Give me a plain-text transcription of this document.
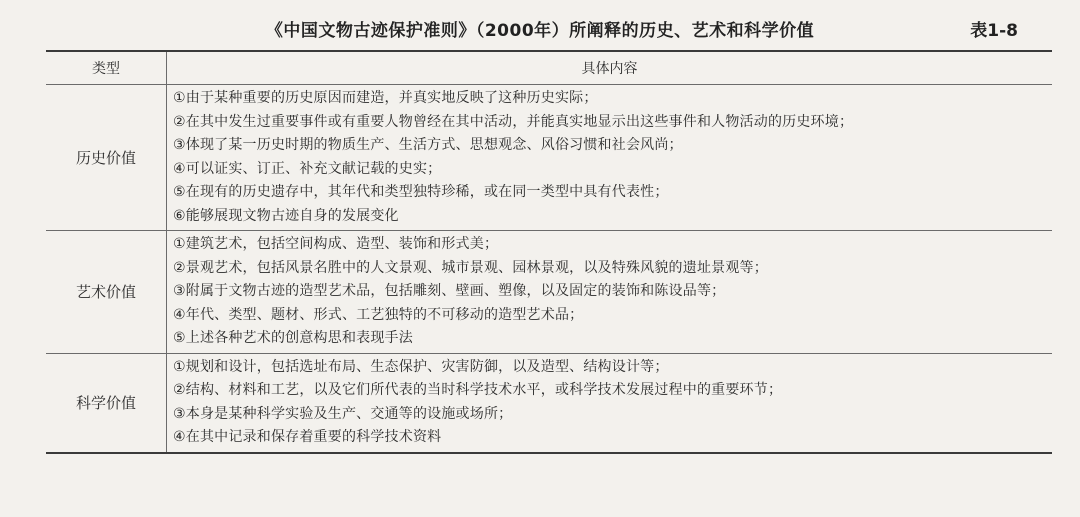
《中国文物古迹保护准则》（2000年）所阐释的历史、艺术和科学价值	表1-8
类型	具体内容
历史价值
①由于某种重要的历史原因而建造，并真实地反映了这种历史实际；
②在其中发生过重要事件或有重要人物曾经在其中活动，并能真实地显示出这些事件和人物活动的历史环境；
③体现了某一历史时期的物质生产、生活方式、思想观念、风俗习惯和社会风尚；
④可以证实、订正、补充文献记载的史实；
⑤在现有的历史遗存中，其年代和类型独特珍稀，或在同一类型中具有代表性；
⑥能够展现文物古迹自身的发展变化
艺术价值
①建筑艺术，包括空间构成、造型、装饰和形式美；
②景观艺术，包括风景名胜中的人文景观、城市景观、园林景观，以及特殊风貌的遗址景观等；
③附属于文物古迹的造型艺术品，包括雕刻、壁画、塑像，以及固定的装饰和陈设品等；
④年代、类型、题材、形式、工艺独特的不可移动的造型艺术品；
⑤上述各种艺术的创意构思和表现手法
科学价值
①规划和设计，包括选址布局、生态保护、灾害防御，以及造型、结构设计等；
②结构、材料和工艺，以及它们所代表的当时科学技术水平，或科学技术发展过程中的重要环节；
③本身是某种科学实验及生产、交通等的设施或场所；
④在其中记录和保存着重要的科学技术资料
